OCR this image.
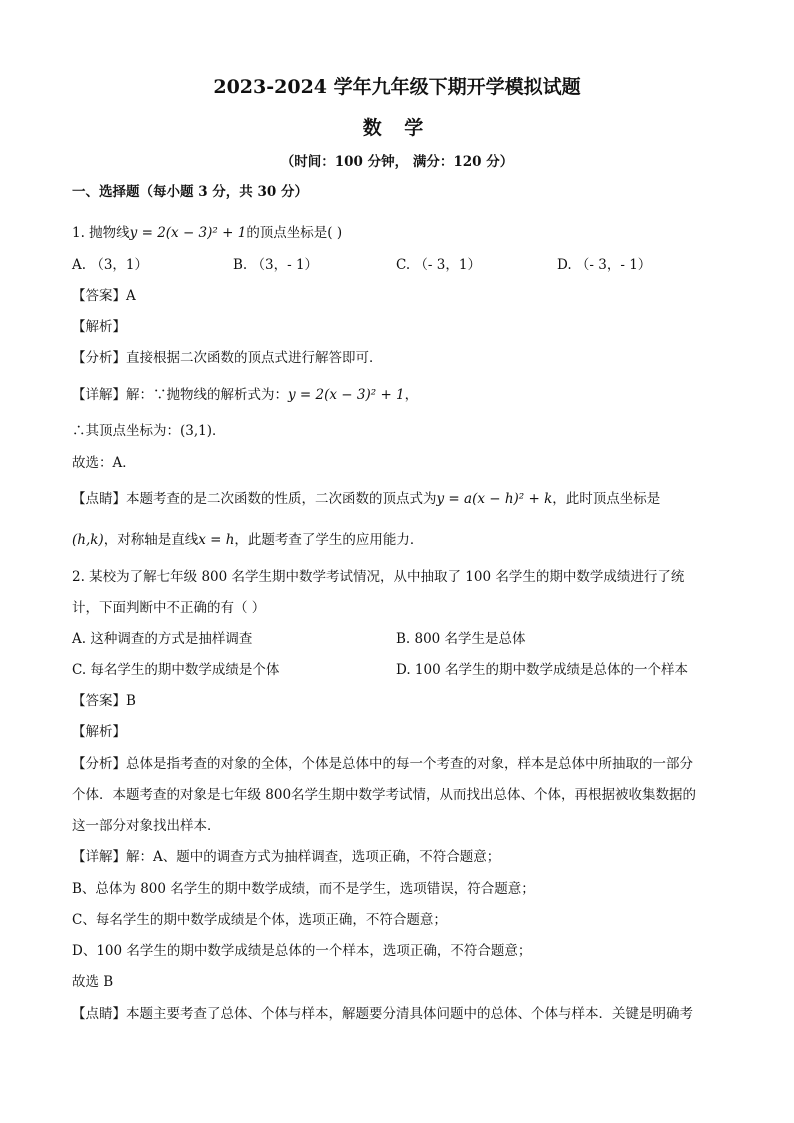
2023-2024 学年九年级下期开学模拟试题
数 学
（时间：100 分钟， 满分：120 分）
一、选择题（每小题 3 分，共 30 分）
1. 抛物线y = 2(x − 3)² + 1的顶点坐标是( )
A. （3，1）	B. （3，- 1）	C. （- 3，1）	D. （- 3，- 1）
【答案】A
【解析】
【分析】直接根据二次函数的顶点式进行解答即可．
【详解】解：∵抛物线的解析式为：y = 2(x − 3)² + 1，
∴其顶点坐标为：(3,1)．
故选：A．
【点睛】本题考查的是二次函数的性质，二次函数的顶点式为y = a(x − h)² + k，此时顶点坐标是
(h,k)，对称轴是直线x = h，此题考查了学生的应用能力．
2. 某校为了解七年级 800 名学生期中数学考试情况，从中抽取了 100 名学生的期中数学成绩进行了统
计，下面判断中不正确的有（ ）
A. 这种调查的方式是抽样调查	B. 800 名学生是总体
C. 每名学生的期中数学成绩是个体	D. 100 名学生的期中数学成绩是总体的一个样本
【答案】B
【解析】
【分析】总体是指考查的对象的全体，个体是总体中的每一个考查的对象，样本是总体中所抽取的一部分
个体．本题考查的对象是七年级 800名学生期中数学考试情，从而找出总体、个体，再根据被收集数据的
这一部分对象找出样本．
【详解】解：A、题中的调查方式为抽样调查，选项正确，不符合题意；
B、总体为 800 名学生的期中数学成绩，而不是学生，选项错误，符合题意；
C、每名学生的期中数学成绩是个体，选项正确，不符合题意；
D、100 名学生的期中数学成绩是总体的一个样本，选项正确，不符合题意；
故选 B
【点睛】本题主要考查了总体、个体与样本，解题要分清具体问题中的总体、个体与样本．关键是明确考
